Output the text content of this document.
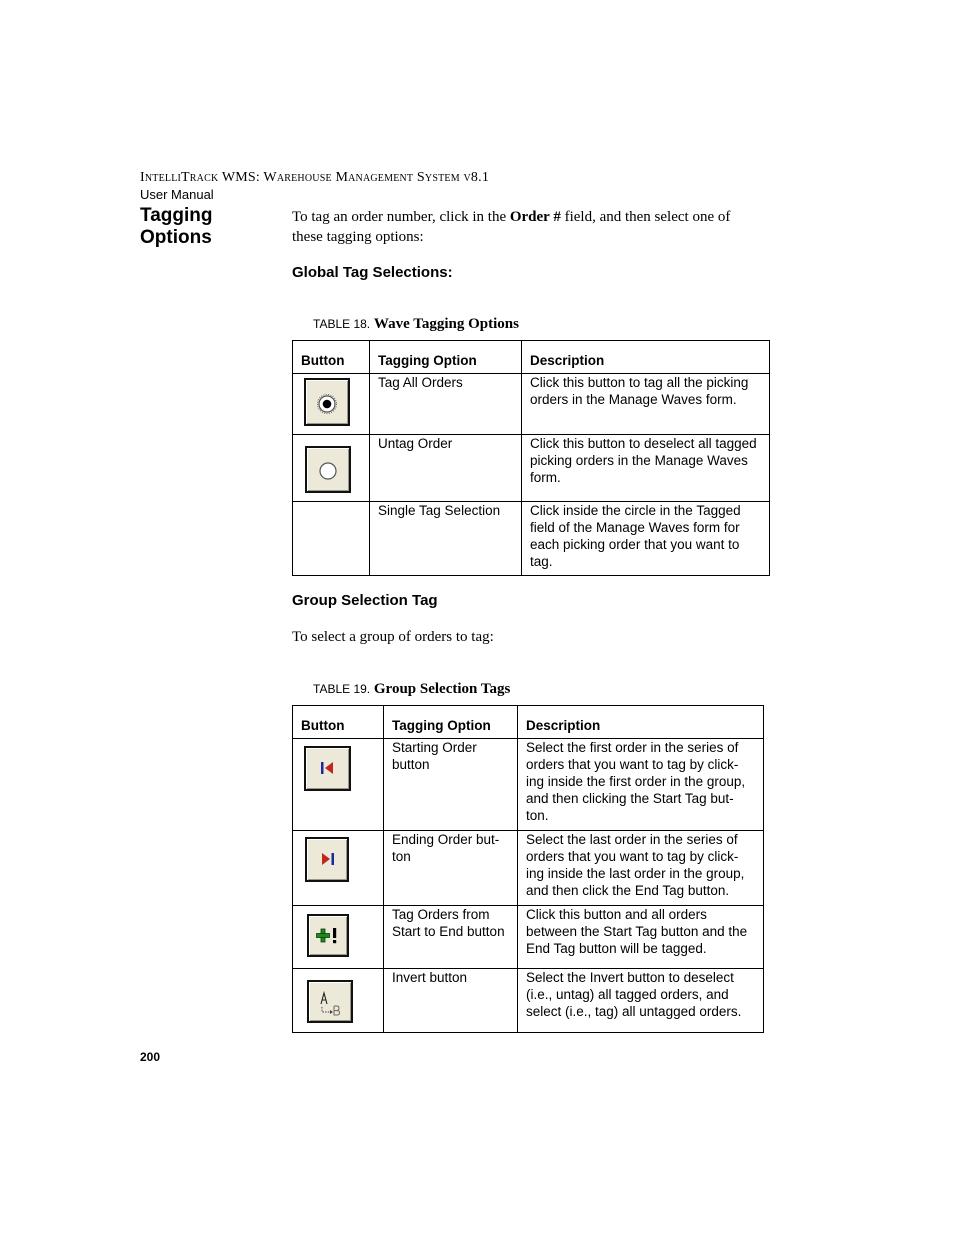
IntelliTrack WMS: Warehouse Management System v8.1
User Manual
Tagging Options
To tag an order number, click in the Order # field, and then select one of these tagging options:
Global Tag Selections:
TABLE 18. Wave Tagging Options
Button	Tagging Option	Description

	Tag All Orders	Click this button to tag all the picking orders in the Manage Waves form.

	Untag Order	Click this button to deselect all tagged picking orders in the Manage Waves form.
	Single Tag Selection	Click inside the circle in the Tagged field of the Manage Waves form for each picking order that you want to tag.
Group Selection Tag
To select a group of orders to tag:
TABLE 19. Group Selection Tags
Button	Tagging Option	Description

	Starting Order button	Select the first order in the series of orders that you want to tag by click-ing inside the first order in the group, and then clicking the Start Tag but-ton.

	Ending Order but-ton	Select the last order in the series of orders that you want to tag by click-ing inside the last order in the group, and then click the End Tag button.

	Tag Orders from Start to End button	Click this button and all orders between the Start Tag button and the End Tag button will be tagged.

	Invert button	Select the Invert button to deselect (i.e., untag) all tagged orders, and select (i.e., tag) all untagged orders.
200
